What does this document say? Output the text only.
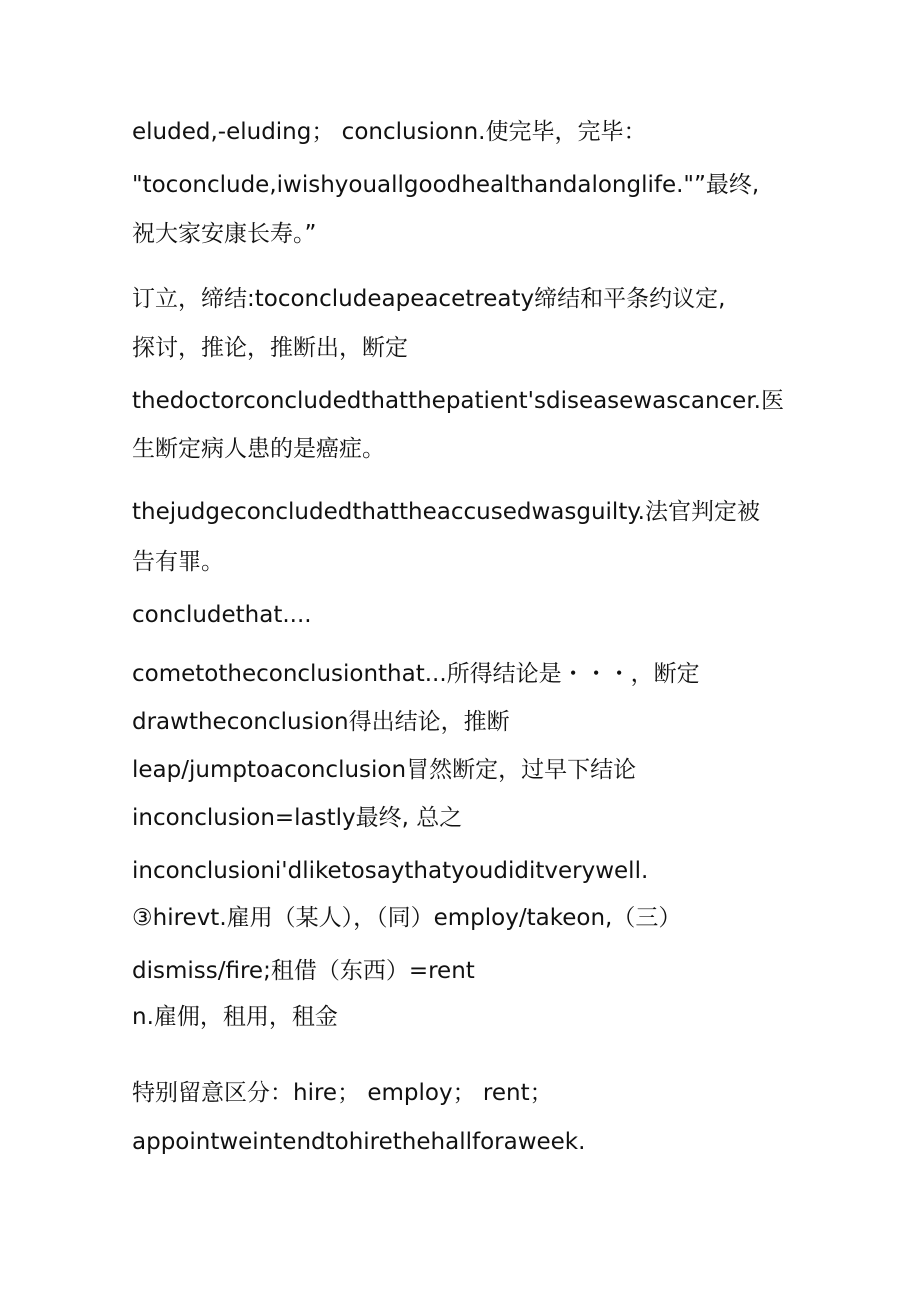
eluded,-eluding； conclusionn.使完毕，完毕：
"toconclude,iwishyouallgoodhealthandalonglife."”最终,
祝大家安康长寿。”
订立，缔结:toconcludeapeacetreaty缔结和平条约议定,
探讨，推论，推断出，断定
thedoctorconcludedthatthepatient'sdiseasewascancer.医
生断定病人患的是癌症。
thejudgeconcludedthattheaccusedwasguilty.法官判定被
告有罪。
concludethat....
cometotheconclusionthat...所得结论是・・・，断定
drawtheconclusion得出结论，推断
leap/jumptoaconclusion冒然断定，过早下结论
inconclusion=lastly最终, 总之
inconclusioni'dliketosaythatyoudiditverywell.
③hirevt.雇用（某人），（同）employ/takeon,（三）
dismiss/fire;租借（东西）=rent
n.雇佣，租用，租金
特别留意区分：hire； employ； rent；
appointweintendtohirethehallforaweek.
